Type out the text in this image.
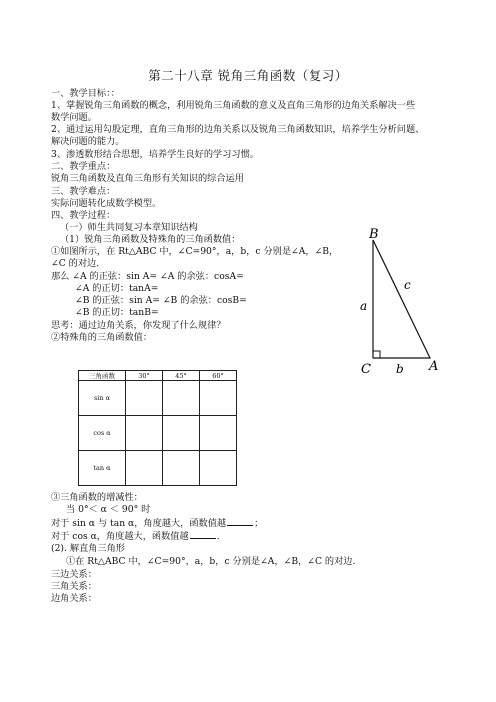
第二十八章 锐角三角函数（复习）
一、教学目标：：
1、掌握锐角三角函数的概念，利用锐角三角函数的意义及直角三角形的边角关系解决一些
数学问题。
2、通过运用勾股定理，直角三角形的边角关系以及锐角三角函数知识，培养学生分析问题、
解决问题的能力。
3、渗透数形结合思想，培养学生良好的学习习惯。
二、教学重点：
锐角三角函数及直角三角形有关知识的综合运用
三、教学难点：
实际问题转化成数学模型。
四、教学过程：
（一）师生共同复习本章知识结构
（1）锐角三角函数及特殊角的三角函数值：
①如图所示，在 Rt△ABC 中，∠C=90°，a，b，c 分别是∠A，∠B，
∠C 的对边．
那么 ∠A 的正弦：sin A= ∠A 的余弦：cosA=
∠A 的正切：tanA=
∠B 的正弦：sin A= ∠B 的余弦：cosB=
∠B 的正切：tanB=
思考：通过边角关系，你发现了什么规律？
②特殊角的三角函数值：
B
A
C
a
b
c
三角函数	30°	45°	60°
sin α			
cos α			
tan α			
③三角函数的增减性：
当 0°＜ α ＜ 90° 时
对于 sin α 与 tan α，角度越大，函数值越	；
对于 cos α，角度越大，函数值越	．
(2). 解直角三角形
①在 Rt△ABC 中，∠C=90°，a，b，c 分别是∠A，∠B，∠C 的对边.
三边关系：
三角关系：
边角关系：
